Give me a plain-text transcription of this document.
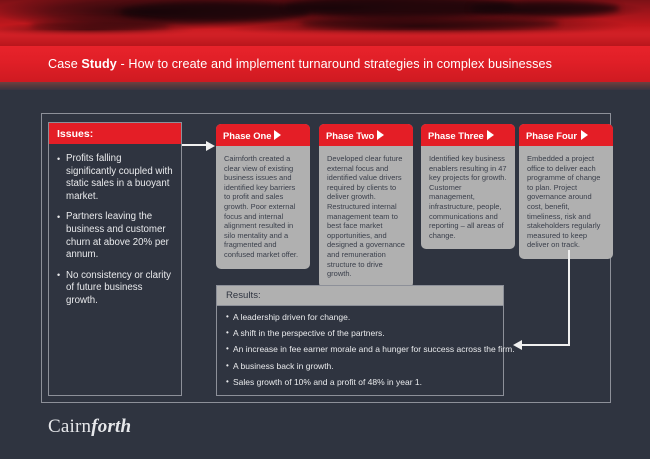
Case Study - How to create and implement turnaround strategies in complex businesses
Issues:
• Profits falling significantly coupled with static sales in a buoyant market.
• Partners leaving the business and customer churn at above 20% per annum.
• No consistency or clarity of future business growth.
Phase One

Cairnforth created a clear view of existing business issues and identified key barriers to profit and sales growth. Poor external focus and internal alignment resulted in silo mentality and a fragmented and confused market offer.

Phase Two

Developed clear future external focus and identified value drivers required by clients to deliver growth. Restructured internal management team to best face market opportunities, and designed a governance and remuneration structure to drive growth.

Phase Three

Identified key business enablers resulting in 47 key projects for growth. Customer management, infrastructure, people, communications and reporting – all areas of change.

Phase Four

Embedded a project office to deliver each programme of change to plan. Project governance around cost, benefit, timeliness, risk and stakeholders regularly measured to keep deliver on track.

Results:
• A leadership driven for change.
• A shift in the perspective of the partners.
• An increase in fee earner morale and a hunger for success across the firm.
• A business back in growth.
• Sales growth of 10% and a profit of 48% in year 1.
Cairnforth
